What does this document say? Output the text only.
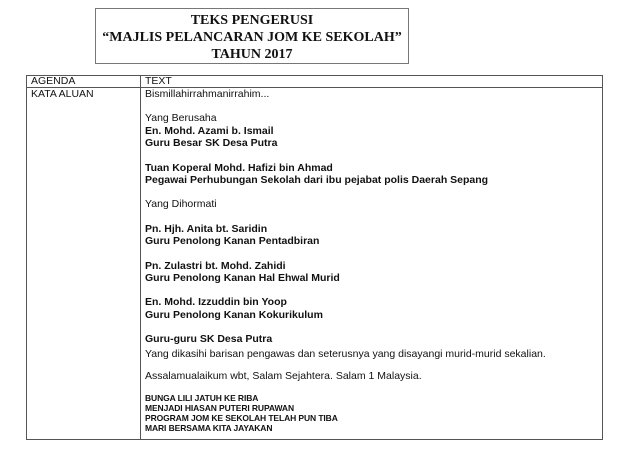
TEKS PENGERUSI
“MAJLIS PELANCARAN JOM KE SEKOLAH”
TAHUN 2017
AGENDA	TEXT
KATA ALUAN	Bismillahirrahmanirrahim...

Yang Berusaha

En. Mohd. Azami b. Ismail

Guru Besar SK Desa Putra

Tuan Koperal Mohd. Hafizi bin Ahmad

Pegawai Perhubungan Sekolah dari ibu pejabat polis Daerah Sepang

Yang Dihormati

Pn. Hjh. Anita bt. Saridin

Guru Penolong Kanan Pentadbiran

Pn. Zulastri bt. Mohd. Zahidi

Guru Penolong Kanan Hal Ehwal Murid

En. Mohd. Izzuddin bin Yoop

Guru Penolong Kanan Kokurikulum

Guru-guru SK Desa Putra

Yang dikasihi barisan pengawas dan seterusnya yang disayangi murid-murid sekalian.

Assalamualaikum wbt, Salam Sejahtera. Salam 1 Malaysia.

BUNGA LILI JATUH KE RIBA

MENJADI HIASAN PUTERI RUPAWAN

PROGRAM JOM KE SEKOLAH TELAH PUN TIBA

MARI BERSAMA KITA JAYAKAN
